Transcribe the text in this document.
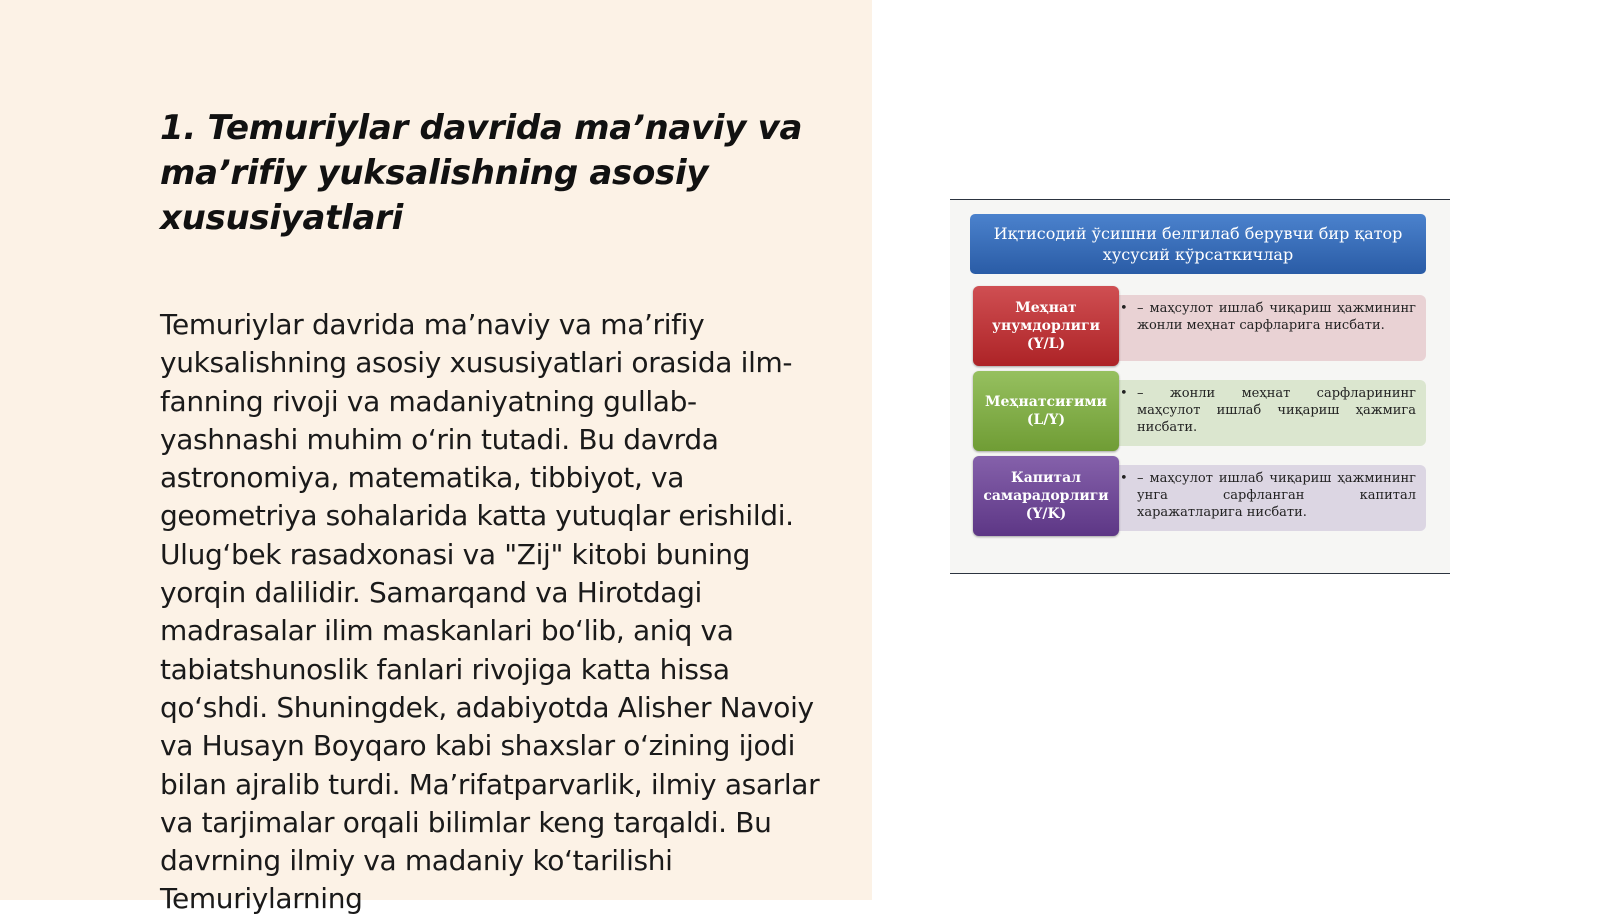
1. Temuriylar davrida ma’naviy va ma’rifiy yuksalishning asosiy xususiyatlari

Temuriylar davrida ma’naviy va ma’rifiy yuksalishning asosiy xususiyatlari orasida ilm-fanning rivoji va madaniyatning gullab-yashnashi muhim o‘rin tutadi. Bu davrda astronomiya, matematika, tibbiyot, va geometriya sohalarida katta yutuqlar erishildi. Ulug‘bek rasadxonasi va "Zij" kitobi buning yorqin dalilidir. Samarqand va Hirotdagi madrasalar ilim maskanlari bo‘lib, aniq va tabiatshunoslik fanlari rivojiga katta hissa qo‘shdi. Shuningdek, adabiyotda Alisher Navoiy va Husayn Boyqaro kabi shaxslar o‘zining ijodi bilan ajralib turdi. Ma’rifatparvarlik, ilmiy asarlar va tarjimalar orqali bilimlar keng tarqaldi. Bu davrning ilmiy va madaniy ko‘tarilishi Temuriylarning

Иқтисодий ўсишни белгилаб берувчи бир қатор хусусий кўрсаткичлар
• – маҳсулот ишлаб чиқариш ҳажмининг жонли меҳнат сарфларига нисбати.
Меҳнат унумдорлиги (Y/L)
• – жонли меҳнат сарфларининг маҳсулот ишлаб чиқариш ҳажмига нисбати.
Меҳнатсиғими (L/Y)
• – маҳсулот ишлаб чиқариш ҳажмининг унга сарфланган капитал харажатларига нисбати.
Капитал самарадорлиги (Y/K)
